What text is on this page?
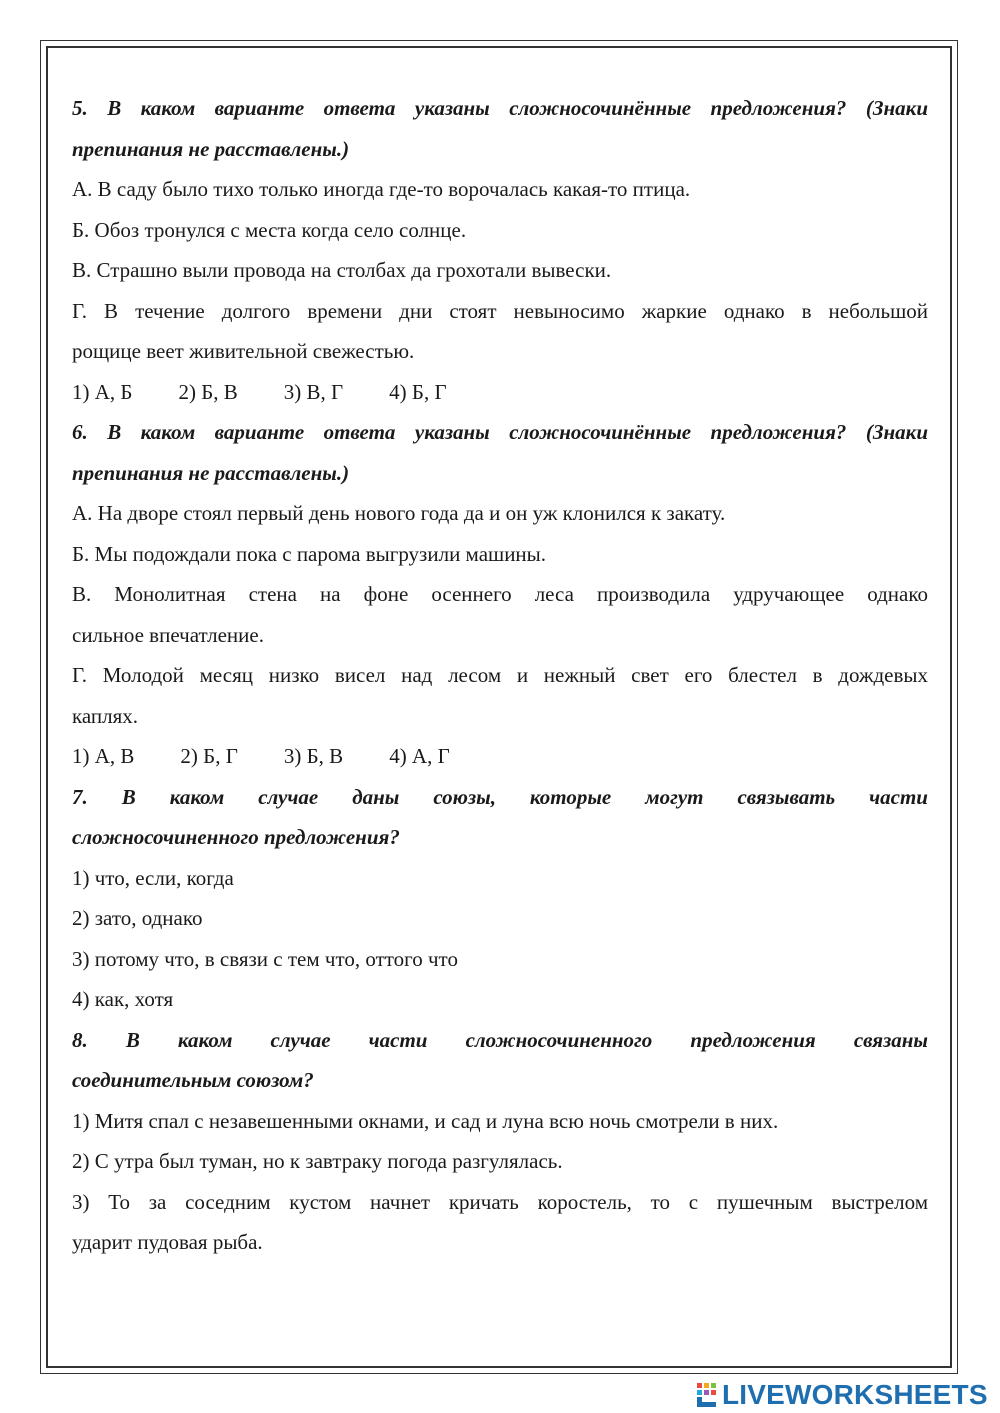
5. В каком варианте ответа указаны сложносочинённые предложения? (Знаки
препинания не расставлены.)
А. В саду было тихо только иногда где-то ворочалась какая-то птица.
Б. Обоз тронулся с места когда село солнце.
В. Страшно выли провода на столбах да грохотали вывески.
Г. В течение долгого времени дни стоят невыносимо жаркие однако в небольшой
рощице веет живительной свежестью.
1) А, Б 2) Б, В 3) В, Г 4) Б, Г
6. В каком варианте ответа указаны сложносочинённые предложения? (Знаки
препинания не расставлены.)
А. На дворе стоял первый день нового года да и он уж клонился к закату.
Б. Мы подождали пока с парома выгрузили машины.
В. Монолитная стена на фоне осеннего леса производила удручающее однако
сильное впечатление.
Г. Молодой месяц низко висел над лесом и нежный свет его блестел в дождевых
каплях.
1) А, В 2) Б, Г 3) Б, В 4) А, Г
7. В каком случае даны союзы, которые могут связывать части
сложносочиненного предложения?
1) что, если, когда
2) зато, однако
3) потому что, в связи с тем что, оттого что
4) как, хотя
8. В каком случае части сложносочиненного предложения связаны
соединительным союзом?
1) Митя спал с незавешенными окнами, и сад и луна всю ночь смотрели в них.
2) С утра был туман, но к завтраку погода разгулялась.
3) То за соседним кустом начнет кричать коростель, то с пушечным выстрелом
ударит пудовая рыба.
LIVEWORKSHEETS
